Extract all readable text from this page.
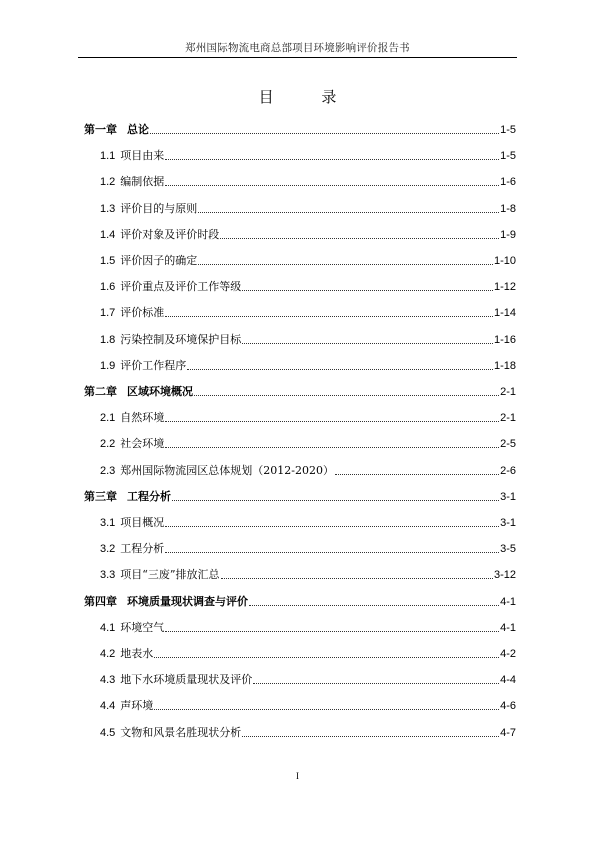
郑州国际物流电商总部项目环境影响评价报告书
目          录
第一章 总论	1-5
1.1 项目由来	1-5
1.2 编制依据	1-6
1.3 评价目的与原则	1-8
1.4 评价对象及评价时段	1-9
1.5 评价因子的确定	1-10
1.6 评价重点及评价工作等级	1-12
1.7 评价标准	1-14
1.8 污染控制及环境保护目标	1-16
1.9 评价工作程序	1-18
第二章 区域环境概况	2-1
2.1 自然环境	2-1
2.2 社会环境	2-5
2.3 郑州国际物流园区总体规划（2012-2020）	2-6
第三章 工程分析	3-1
3.1 项目概况	3-1
3.2 工程分析	3-5
3.3 项目“三废”排放汇总	3-12
第四章 环境质量现状调查与评价	4-1
4.1 环境空气	4-1
4.2 地表水	4-2
4.3 地下水环境质量现状及评价	4-4
4.4 声环境	4-6
4.5 文物和风景名胜现状分析	4-7
I
